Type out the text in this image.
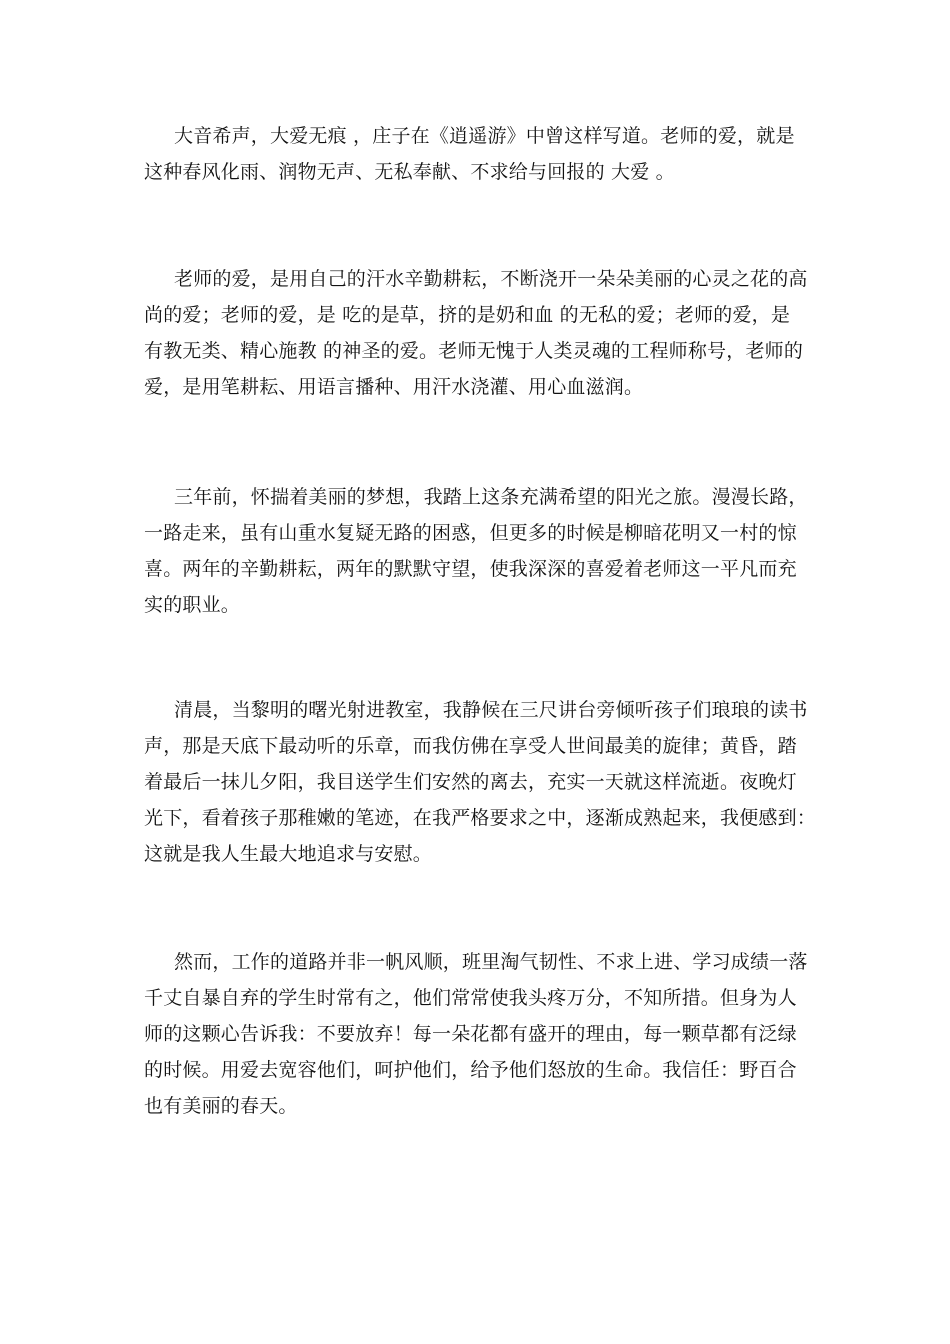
大音希声，大爱无痕 ，庄子在《逍遥游》中曾这样写道。老师的爱，就是
这种春风化雨、润物无声、无私奉献、不求给与回报的 大爱 。
老师的爱，是用自己的汗水辛勤耕耘，不断浇开一朵朵美丽的心灵之花的高
尚的爱；老师的爱，是 吃的是草，挤的是奶和血 的无私的爱；老师的爱，是
有教无类、精心施教 的神圣的爱。老师无愧于人类灵魂的工程师称号，老师的
爱，是用笔耕耘、用语言播种、用汗水浇灌、用心血滋润。
三年前，怀揣着美丽的梦想，我踏上这条充满希望的阳光之旅。漫漫长路，
一路走来，虽有山重水复疑无路的困惑，但更多的时候是柳暗花明又一村的惊
喜。两年的辛勤耕耘，两年的默默守望，使我深深的喜爱着老师这一平凡而充
实的职业。
清晨，当黎明的曙光射进教室，我静候在三尺讲台旁倾听孩子们琅琅的读书
声，那是天底下最动听的乐章，而我仿佛在享受人世间最美的旋律；黄昏，踏
着最后一抹儿夕阳，我目送学生们安然的离去，充实一天就这样流逝。夜晚灯
光下，看着孩子那稚嫩的笔迹，在我严格要求之中，逐渐成熟起来，我便感到：
这就是我人生最大地追求与安慰。
然而，工作的道路并非一帆风顺，班里淘气韧性、不求上进、学习成绩一落
千丈自暴自弃的学生时常有之，他们常常使我头疼万分，不知所措。但身为人
师的这颗心告诉我：不要放弃！每一朵花都有盛开的理由，每一颗草都有泛绿
的时候。用爱去宽容他们，呵护他们，给予他们怒放的生命。我信任：野百合
也有美丽的春天。
